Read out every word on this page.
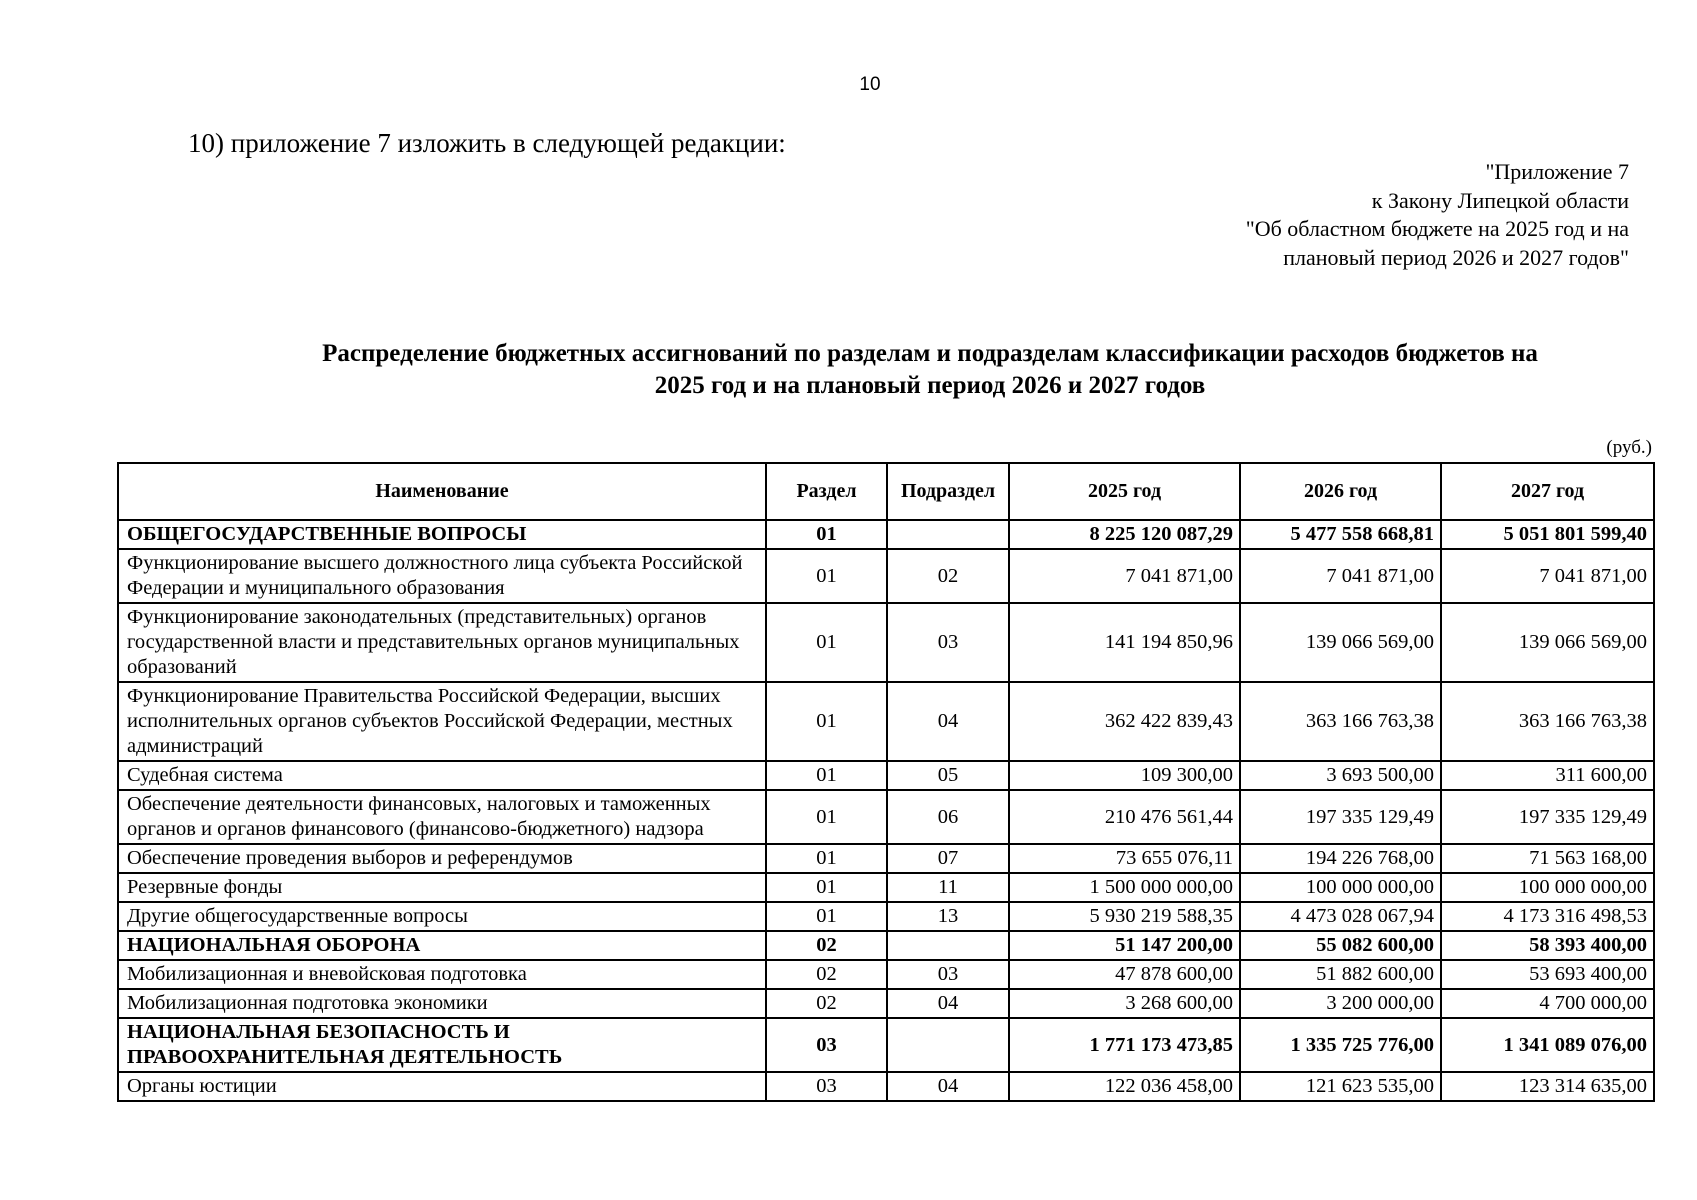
10
10) приложение 7 изложить в следующей редакции:
"Приложение 7
к Закону Липецкой области
"Об областном бюджете на 2025 год и на
плановый период 2026 и 2027 годов"
Распределение бюджетных ассигнований по разделам и подразделам классификации расходов бюджетов на
2025 год и на плановый период 2026 и 2027 годов
(руб.)
Наименование	Раздел	Подраздел	2025 год	2026 год	2027 год
ОБЩЕГОСУДАРСТВЕННЫЕ ВОПРОСЫ	01		8 225 120 087,29	5 477 558 668,81	5 051 801 599,40
Функционирование высшего должностного лица субъекта Российской Федерации и муниципального образования	01	02	7 041 871,00	7 041 871,00	7 041 871,00
Функционирование законодательных (представительных) органов государственной власти и представительных органов муниципальных образований	01	03	141 194 850,96	139 066 569,00	139 066 569,00
Функционирование Правительства Российской Федерации, высших исполнительных органов субъектов Российской Федерации, местных администраций	01	04	362 422 839,43	363 166 763,38	363 166 763,38
Судебная система	01	05	109 300,00	3 693 500,00	311 600,00
Обеспечение деятельности финансовых, налоговых и таможенных органов и органов финансового (финансово-бюджетного) надзора	01	06	210 476 561,44	197 335 129,49	197 335 129,49
Обеспечение проведения выборов и референдумов	01	07	73 655 076,11	194 226 768,00	71 563 168,00
Резервные фонды	01	11	1 500 000 000,00	100 000 000,00	100 000 000,00
Другие общегосударственные вопросы	01	13	5 930 219 588,35	4 473 028 067,94	4 173 316 498,53
НАЦИОНАЛЬНАЯ ОБОРОНА	02		51 147 200,00	55 082 600,00	58 393 400,00
Мобилизационная и вневойсковая подготовка	02	03	47 878 600,00	51 882 600,00	53 693 400,00
Мобилизационная подготовка экономики	02	04	3 268 600,00	3 200 000,00	4 700 000,00
НАЦИОНАЛЬНАЯ БЕЗОПАСНОСТЬ И ПРАВООХРАНИТЕЛЬНАЯ ДЕЯТЕЛЬНОСТЬ	03		1 771 173 473,85	1 335 725 776,00	1 341 089 076,00
Органы юстиции	03	04	122 036 458,00	121 623 535,00	123 314 635,00
